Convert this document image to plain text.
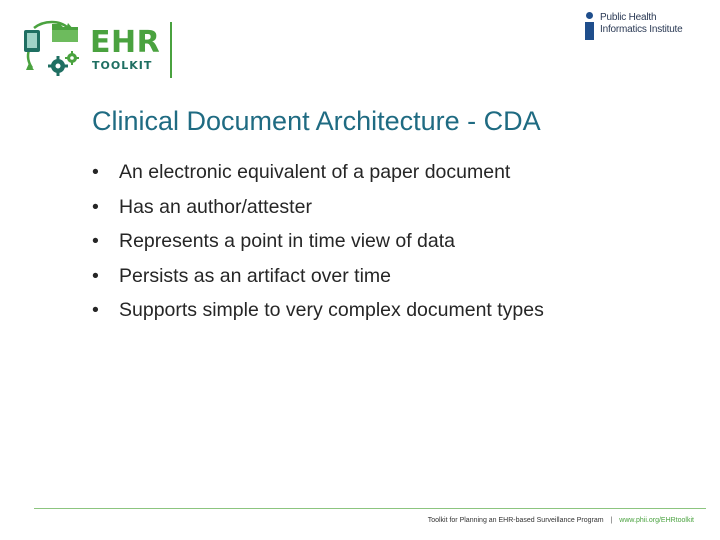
EHR
TOOLKIT
Public Health
Informatics Institute
Clinical Document Architecture - CDA
•	An electronic equivalent of a paper document
•	Has an author/attester
•	Represents a point in time view of data
•	Persists as an artifact over time
•	Supports simple to very complex document types
Toolkit for Planning an EHR-based Surveillance Program | www.phii.org/EHRtoolkit
